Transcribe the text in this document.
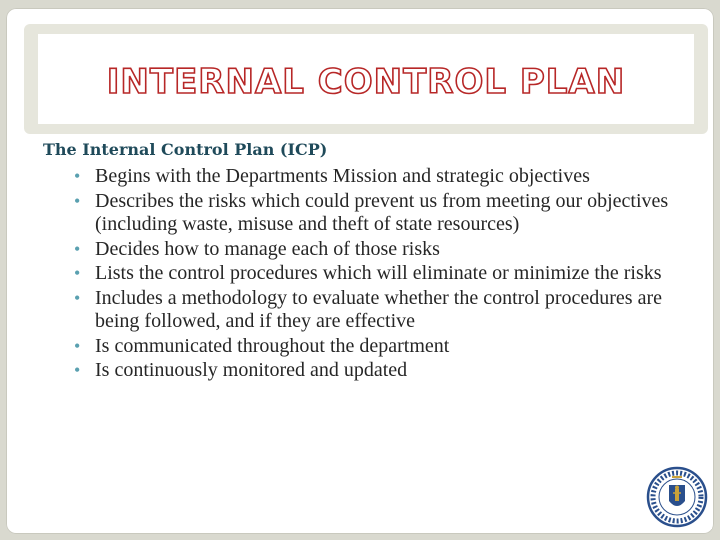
INTERNAL CONTROL PLAN
The Internal Control Plan (ICP)
• Begins with the Departments Mission and strategic objectives
• Describes the risks which could prevent us from meeting our objectives (including waste, misuse and theft of state resources)
• Decides how to manage each of those risks
• Lists the control procedures which will eliminate or minimize the risks
• Includes a methodology to evaluate whether the control procedures are being followed, and if they are effective
• Is communicated throughout the department
• Is continuously monitored and updated
